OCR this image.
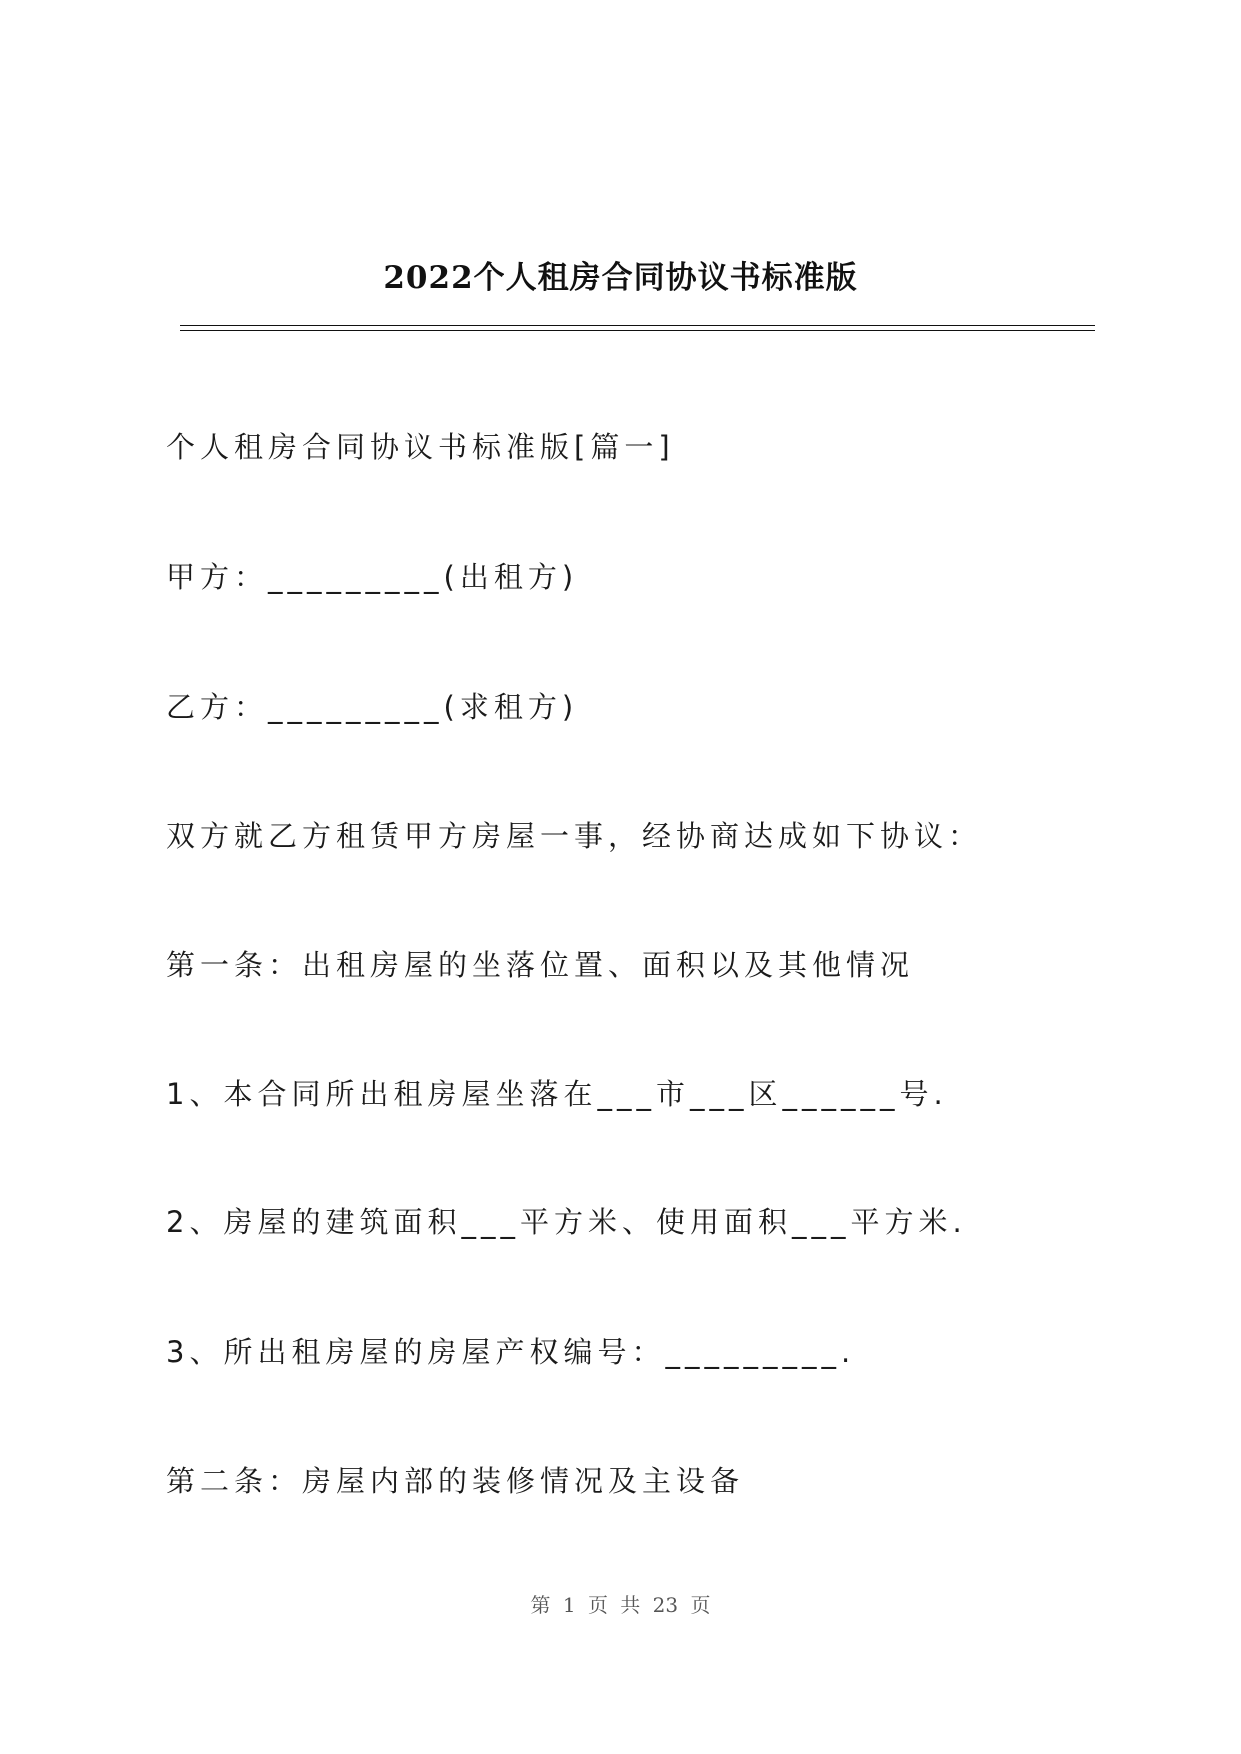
2022个人租房合同协议书标准版
个人租房合同协议书标准版[篇一]
甲方：_________(出租方)
乙方：_________(求租方)
双方就乙方租赁甲方房屋一事，经协商达成如下协议：
第一条：出租房屋的坐落位置、面积以及其他情况
1、本合同所出租房屋坐落在___市___区______号.
2、房屋的建筑面积___平方米、使用面积___平方米.
3、所出租房屋的房屋产权编号：_________.
第二条：房屋内部的装修情况及主设备
第 1 页 共 23 页
